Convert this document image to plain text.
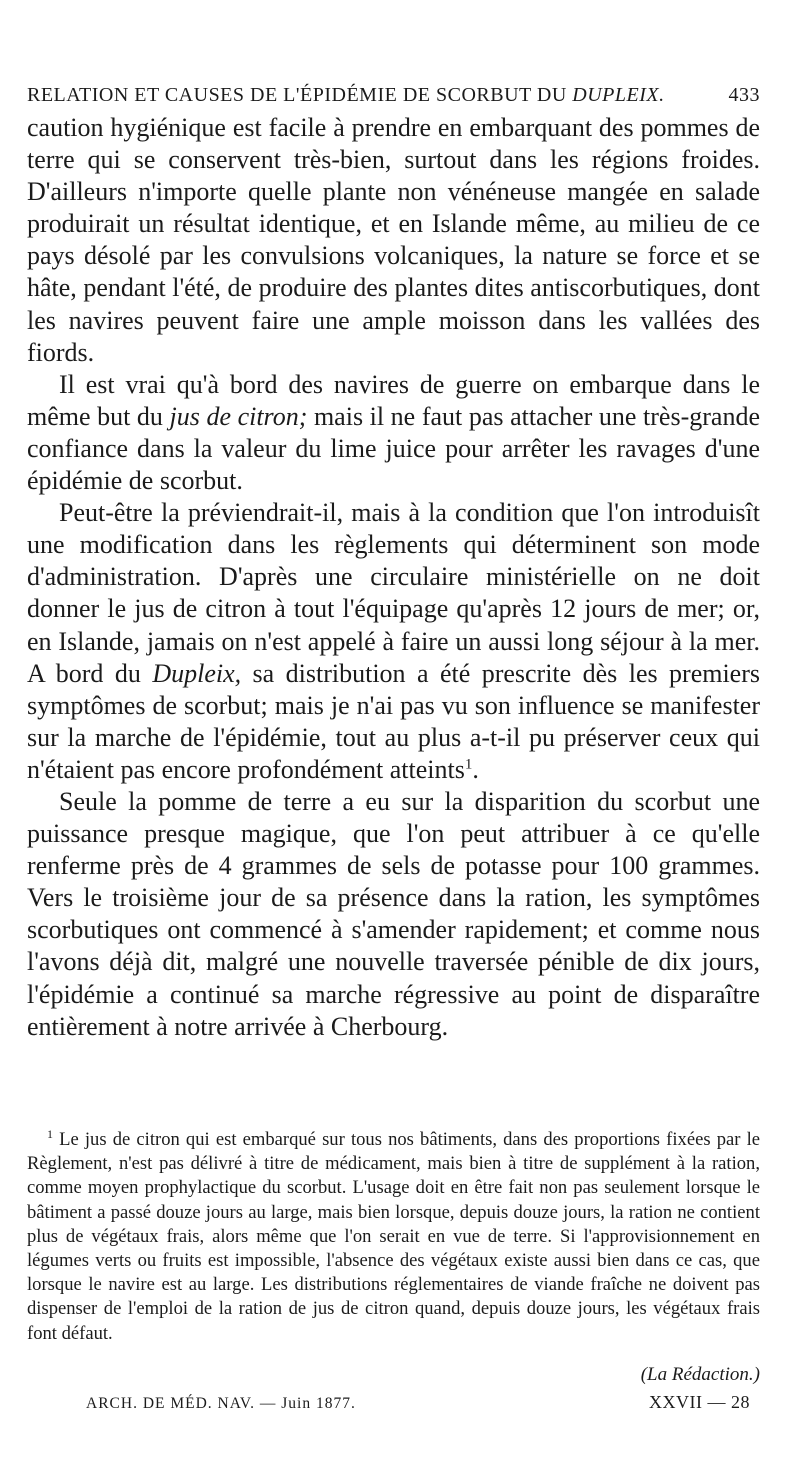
RELATION ET CAUSES DE L'ÉPIDÉMIE DE SCORBUT DU DUPLEIX.	433

caution hygiénique est facile à prendre en embarquant des pommes de terre qui se conservent très-bien, surtout dans les régions froides. D'ailleurs n'importe quelle plante non vénéneuse mangée en salade produirait un résultat identique, et en Islande même, au milieu de ce pays désolé par les convulsions volcaniques, la nature se force et se hâte, pendant l'été, de produire des plantes dites antiscorbutiques, dont les navires peuvent faire une ample moisson dans les vallées des fiords.

Il est vrai qu'à bord des navires de guerre on embarque dans le même but du jus de citron; mais il ne faut pas attacher une très-grande confiance dans la valeur du lime juice pour arrêter les ravages d'une épidémie de scorbut.

Peut-être la préviendrait-il, mais à la condition que l'on introduisît une modification dans les règlements qui déterminent son mode d'administration. D'après une circulaire ministérielle on ne doit donner le jus de citron à tout l'équipage qu'après 12 jours de mer; or, en Islande, jamais on n'est appelé à faire un aussi long séjour à la mer. A bord du Dupleix, sa distribution a été prescrite dès les premiers symptômes de scorbut; mais je n'ai pas vu son influence se manifester sur la marche de l'épidémie, tout au plus a-t-il pu préserver ceux qui n'étaient pas encore profondément atteints$^1$.

Seule la pomme de terre a eu sur la disparition du scorbut une puissance presque magique, que l'on peut attribuer à ce qu'elle renferme près de 4 grammes de sels de potasse pour 100 grammes. Vers le troisième jour de sa présence dans la ration, les symptômes scorbutiques ont commencé à s'amender rapidement; et comme nous l'avons déjà dit, malgré une nouvelle traversée pénible de dix jours, l'épidémie a continué sa marche régressive au point de disparaître entièrement à notre arrivée à Cherbourg.

$^1$ Le jus de citron qui est embarqué sur tous nos bâtiments, dans des proportions fixées par le Règlement, n'est pas délivré à titre de médicament, mais bien à titre de supplément à la ration, comme moyen prophylactique du scorbut. L'usage doit en être fait non pas seulement lorsque le bâtiment a passé douze jours au large, mais bien lorsque, depuis douze jours, la ration ne contient plus de végétaux frais, alors même que l'on serait en vue de terre. Si l'approvisionnement en légumes verts ou fruits est impossible, l'absence des végétaux existe aussi bien dans ce cas, que lorsque le navire est au large. Les distributions réglementaires de viande fraîche ne doivent pas dispenser de l'emploi de la ration de jus de citron quand, depuis douze jours, les végétaux frais font défaut.

(La Rédaction.)
ARCH. DE MÉD. NAV. — Juin 1877.	XXVII — 28
